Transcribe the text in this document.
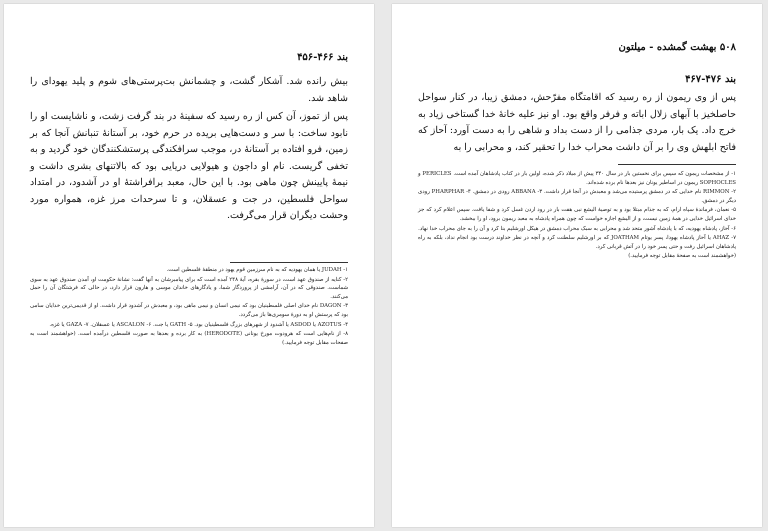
بند ۴۶۶-۴۵۶

بیش رانده شد. آشکار گشت، و چشمانش بت‌پرستی‌های شوم و پلید یهودای را شاهد شد.

پس از تموز، آن کس از ره رسید که سفینهٔ در بند گرفت زشت، و ناشایست او را نابود ساخت: با سر و دست‌هایی بریده در حرم خود، بر آستانهٔ تنبانش آنجا که بر زمین، فرو افتاده بر آستانهٔ در، موجب سرافکندگی پرستشکنندگان خود گردید و به تخفی گریست. نام او داجون و هیولایی دریایی بود که بالاتنهای بشری داشت و نیمهٔ پایینش چون ماهی بود. با این حال، معبد برافراشتهٔ او در آشدود، در امتداد سواحل فلسطین، در جت و عسقلان، و تا سرحدات مرز غزه، همواره مورد وحشت دیگران قرار می‌گرفت.

۱- JUDAH یا همان یهودیه که به نام سرزمین قوم یهود در منطقهٔ فلسطین است.

۲- کنایه از صندوق عهد است، در سورهٔ بقره، آیهٔ ۲۴۸ آمده است که برای پیامبرشان به آنها گفت: نشانهٔ حکومت او، آمدن صندوق عهد به سوی شماست. صندوقی که در آن، آرامشی از پروردگار شما، و یادگارهای خاندان موسی و هارون قرار دارد، در حالی که فرشتگان آن را حمل می‌کنند.

۳- DAGON نام خدای اصلی فلسطینیان بود که نیمی انسان و نیمی ماهی بود، و معبدش در آشدود قرار داشت. او از قدیمی‌ترین خدایان سامی بود که پرستش او به دورهٔ سومری‌ها باز می‌گردد.

۴- AZOTUS یا ASDOD یا آشدود از شهرهای بزرگ فلسطینیان بود. ۵- GATH یا جت. ۶- ASCALON یا عسقلان. ۷- GAZA یا غزه.

۸- از نام‌هایی است که هرودوت مورخ یونانی (HERODOTE) به کار برده و بعدها به صورت فلسطین درآمده است. (خواهشمند است به صفحات مقابل توجه فرمایید.)

۵۰۸ بهشت گمشده - میلتون
بند ۴۷۶-۴۶۷

پس از وی ریمون از ره رسید که اقامتگاه مفرّحش، دمشق زیبا، در کنار سواحل حاصلخیز با آبهای زلال اباته و فرفر واقع بود. او نیز علیه خانهٔ خدا گستاخی زیاد به خرج داد. یک بار، مردی جذامی را از دست بداد و شاهی را به دست آورد: آحاز که فاتح ابلهش وی را بر آن داشت محراب خدا را تحقیر کند، و محرابی را به

۱- از مشخصات ریمون که سپس برای نخستین بار در سال ۳۴۰ پیش از میلاد ذکر شده، اولین بار در کتاب پادشاهان آمده است. PERICLES و SOPHOCLES ریمون در اساطیر یونان نیز بعدها نام برده شده‌اند.

۲- RIMMON نام خدایی که در دمشق پرستیده می‌شد و معبدش در آنجا قرار داشت. ۳- ABBANA رودی در دمشق. ۴- PHARPHAR رودی دیگر در دمشق.

۵- نعمان، فرماندهٔ سپاه ارام، که به جذام مبتلا بود و به توصیهٔ الیشع نبی هفت بار در رود اردن غسل کرد و شفا یافت. سپس اعلام کرد که جز خدای اسرائیل خدایی در همهٔ زمین نیست، و از الیشع اجازه خواست که چون همراه پادشاه به معبد ریمون برود، او را ببخشد.

۶- آحاز، پادشاه یهودیه، که با پادشاه آشور متحد شد و محرابی به سبک محراب دمشق در هیکل اورشلیم بنا کرد و آن را به جای محراب خدا نهاد.

۷- AHAZ یا آحاز پادشاه یهودا، پسر یوتام JOATHAM که بر اورشلیم سلطنت کرد و آنچه در نظر خداوند درست بود انجام نداد، بلکه به راه پادشاهان اسرائیل رفت و حتی پسر خود را در آتش قربانی کرد.

(خواهشمند است به صفحهٔ مقابل توجه فرمایید.)
